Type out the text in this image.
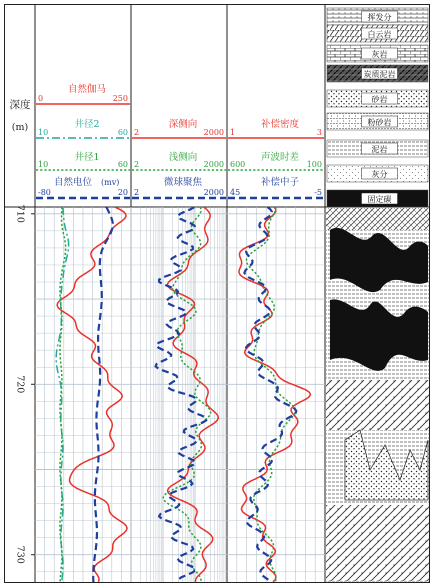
深度
(m)
自然伽马
0	250
井径2
10	60
井径1
10	60
自然电位 (mv)
-80	20
深侧向
2	2000
浅侧向
2	2000
微球聚焦
2	2000
补偿密度
1	3
声波时差
600	100
补偿中子
45	-5
挥发分
白云岩
灰岩
炭质泥岩
砂岩
粉砂岩
泥岩
灰分
固定碳
710
720
730
